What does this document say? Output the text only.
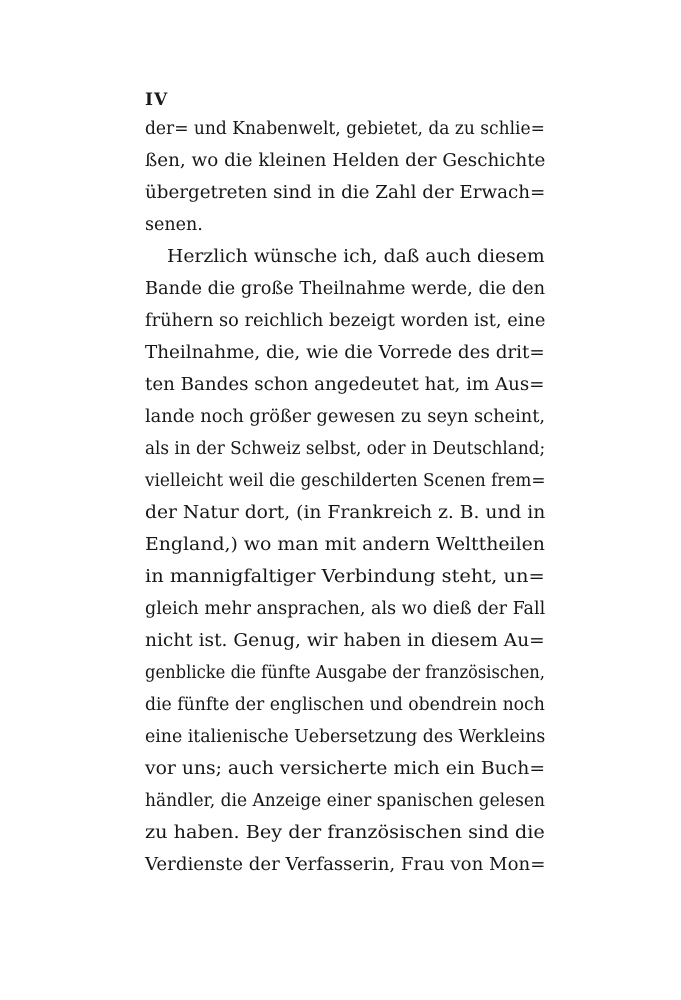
IV
der= und Knabenwelt, gebietet, da zu schlie=
ßen, wo die kleinen Helden der Geschichte
übergetreten sind in die Zahl der Erwach=
senen.
Herzlich wünsche ich, daß auch diesem
Bande die große Theilnahme werde, die den
frühern so reichlich bezeigt worden ist, eine
Theilnahme, die, wie die Vorrede des drit=
ten Bandes schon angedeutet hat, im Aus=
lande noch größer gewesen zu seyn scheint,
als in der Schweiz selbst, oder in Deutschland;
vielleicht weil die geschilderten Scenen frem=
der Natur dort, (in Frankreich z. B. und in
England,) wo man mit andern Welttheilen
in mannigfaltiger Verbindung steht, un=
gleich mehr ansprachen, als wo dieß der Fall
nicht ist. Genug, wir haben in diesem Au=
genblicke die fünfte Ausgabe der französischen,
die fünfte der englischen und obendrein noch
eine italienische Uebersetzung des Werkleins
vor uns; auch versicherte mich ein Buch=
händler, die Anzeige einer spanischen gelesen
zu haben. Bey der französischen sind die
Verdienste der Verfasserin, Frau von Mon=
